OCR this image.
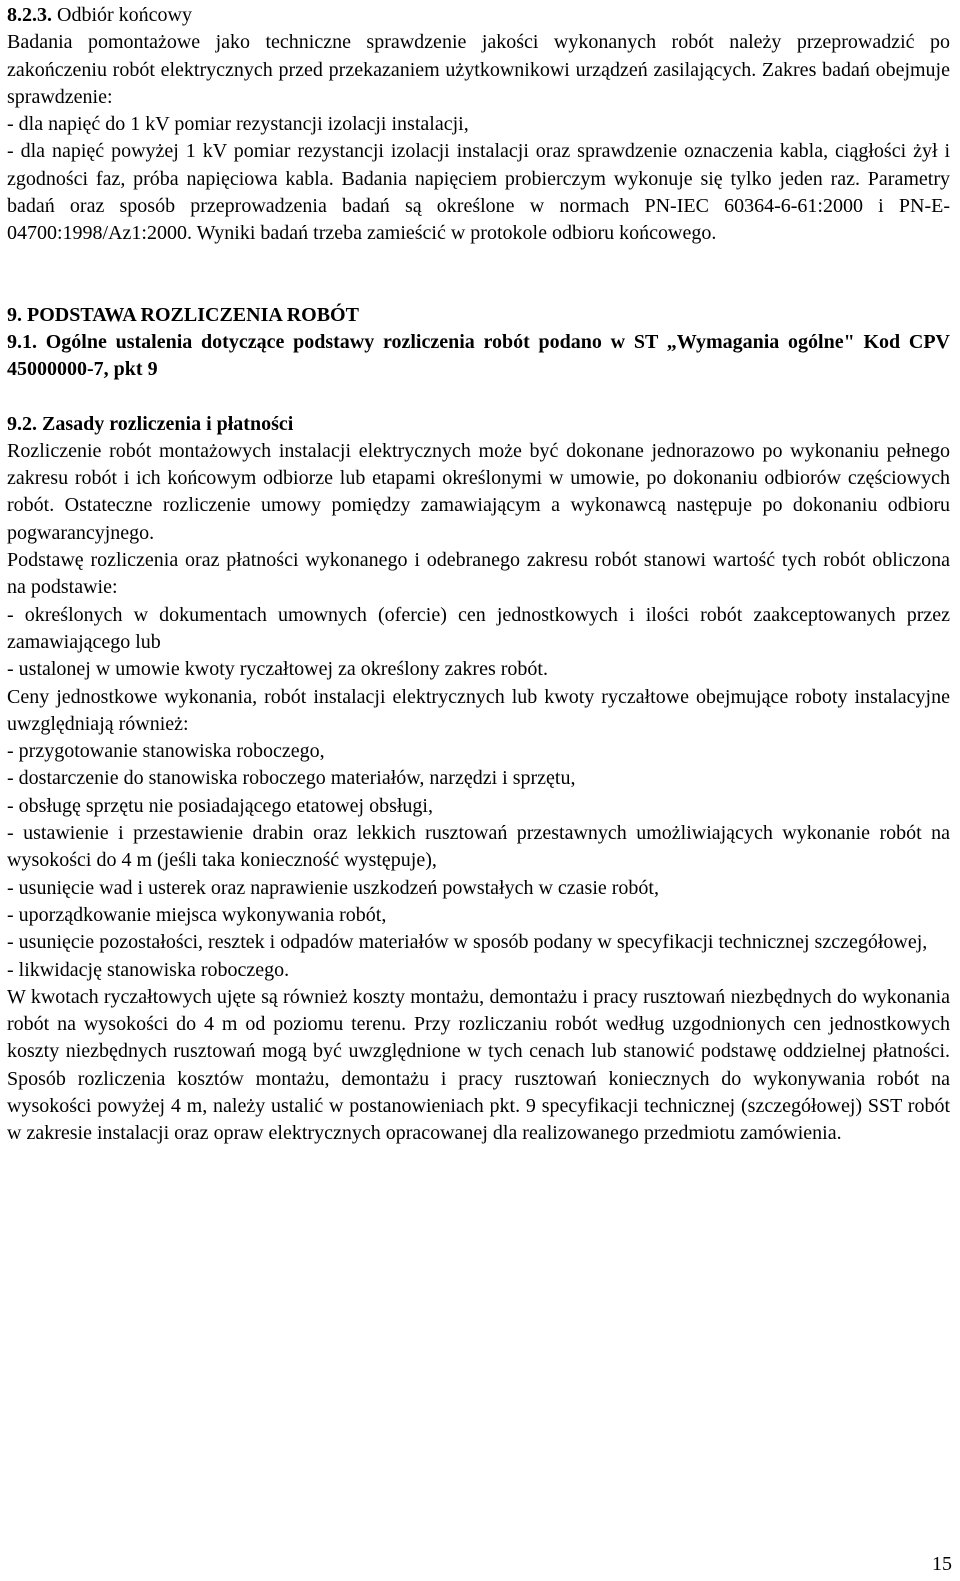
8.2.3. Odbiór końcowy

Badania pomontażowe jako techniczne sprawdzenie jakości wykonanych robót należy przeprowadzić po zakończeniu robót elektrycznych przed przekazaniem użytkownikowi urządzeń zasilających. Zakres badań obejmuje sprawdzenie:

- dla napięć do 1 kV pomiar rezystancji izolacji instalacji,

- dla napięć powyżej 1 kV pomiar rezystancji izolacji instalacji oraz sprawdzenie oznaczenia kabla, ciągłości żył i zgodności faz, próba napięciowa kabla. Badania napięciem probierczym wykonuje się tylko jeden raz. Parametry badań oraz sposób przeprowadzenia badań są określone w normach PN-IEC 60364-6-61:2000 i PN-E-04700:1998/Az1:2000. Wyniki badań trzeba zamieścić w protokole odbioru końcowego.

9. PODSTAWA ROZLICZENIA ROBÓT

9.1. Ogólne ustalenia dotyczące podstawy rozliczenia robót podano w ST „Wymagania ogólne" Kod CPV 45000000-7, pkt 9

9.2. Zasady rozliczenia i płatności

Rozliczenie robót montażowych instalacji elektrycznych może być dokonane jednorazowo po wykonaniu pełnego zakresu robót i ich końcowym odbiorze lub etapami określonymi w umowie, po dokonaniu odbiorów częściowych robót. Ostateczne rozliczenie umowy pomiędzy zamawiającym a wykonawcą następuje po dokonaniu odbioru pogwarancyjnego.

Podstawę rozliczenia oraz płatności wykonanego i odebranego zakresu robót stanowi wartość tych robót obliczona na podstawie:

- określonych w dokumentach umownych (ofercie) cen jednostkowych i ilości robót zaakceptowanych przez zamawiającego lub

- ustalonej w umowie kwoty ryczałtowej za określony zakres robót.

Ceny jednostkowe wykonania, robót instalacji elektrycznych lub kwoty ryczałtowe obejmujące roboty instalacyjne uwzględniają również:

- przygotowanie stanowiska roboczego,

- dostarczenie do stanowiska roboczego materiałów, narzędzi i sprzętu,

- obsługę sprzętu nie posiadającego etatowej obsługi,

- ustawienie i przestawienie drabin oraz lekkich rusztowań przestawnych umożliwiających wykonanie robót na wysokości do 4 m (jeśli taka konieczność występuje),

- usunięcie wad i usterek oraz naprawienie uszkodzeń powstałych w czasie robót,

- uporządkowanie miejsca wykonywania robót,

- usunięcie pozostałości, resztek i odpadów materiałów w sposób podany w specyfikacji technicznej szczegółowej,

- likwidację stanowiska roboczego.

W kwotach ryczałtowych ujęte są również koszty montażu, demontażu i pracy rusztowań niezbędnych do wykonania robót na wysokości do 4 m od poziomu terenu. Przy rozliczaniu robót według uzgodnionych cen jednostkowych koszty niezbędnych rusztowań mogą być uwzględnione w tych cenach lub stanowić podstawę oddzielnej płatności. Sposób rozliczenia kosztów montażu, demontażu i pracy rusztowań koniecznych do wykonywania robót na wysokości powyżej 4 m, należy ustalić w postanowieniach pkt. 9 specyfikacji technicznej (szczegółowej) SST robót w zakresie instalacji oraz opraw elektrycznych opracowanej dla realizowanego przedmiotu zamówienia.

15
